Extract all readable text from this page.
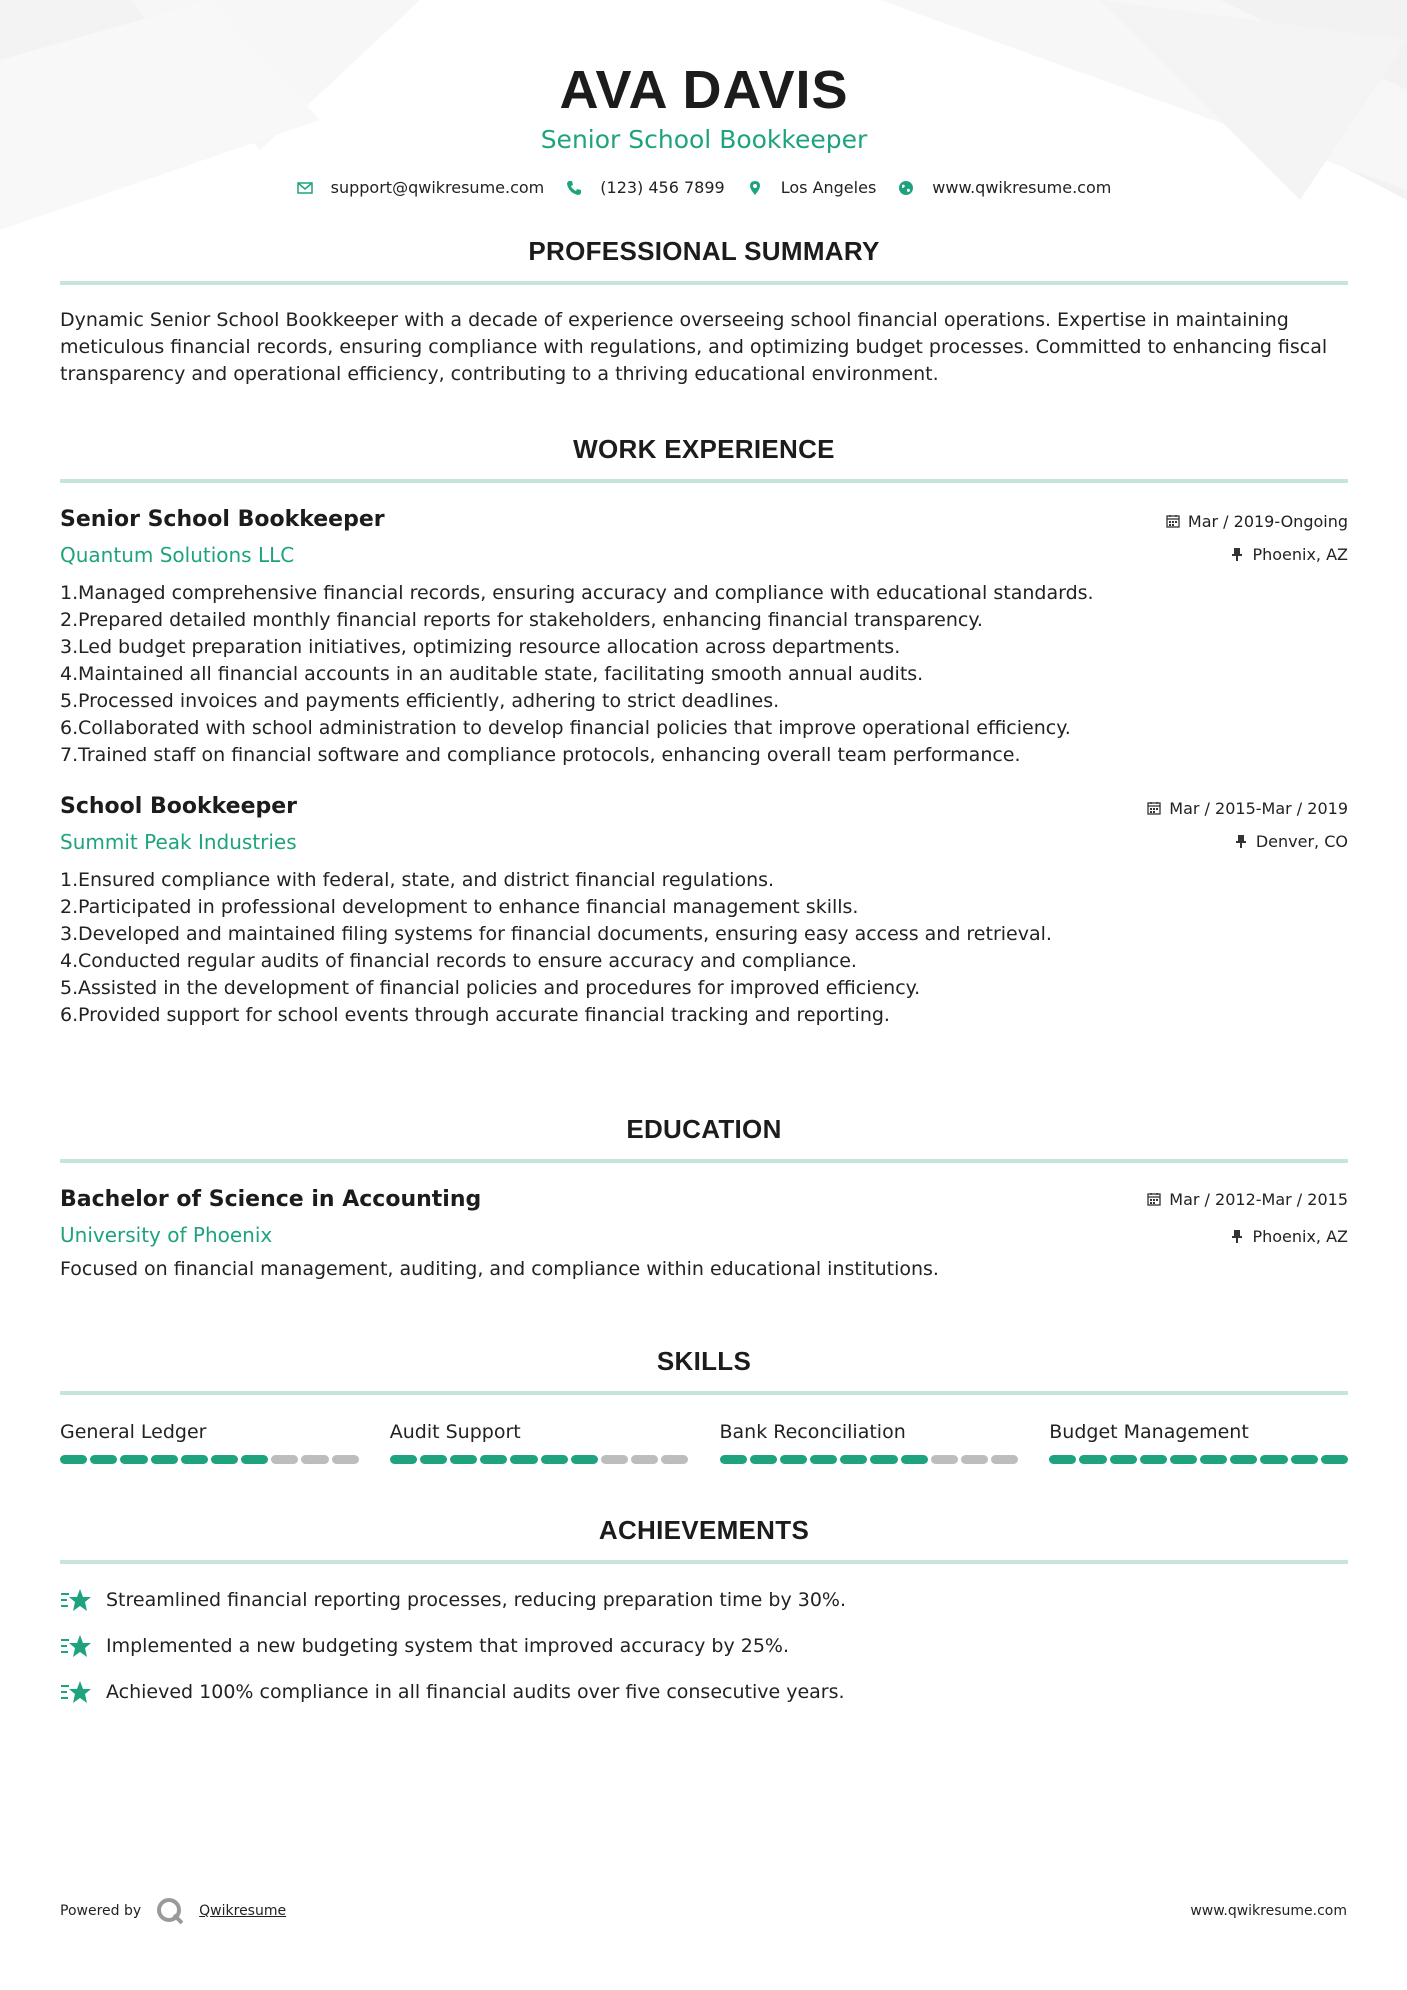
AVA DAVIS
Senior School Bookkeeper
support@qwikresume.com	(123) 456 7899	Los Angeles	www.qwikresume.com
PROFESSIONAL SUMMARY

Dynamic Senior School Bookkeeper with a decade of experience overseeing school financial operations. Expertise in maintaining meticulous financial records, ensuring compliance with regulations, and optimizing budget processes. Committed to enhancing fiscal transparency and operational efficiency, contributing to a thriving educational environment.

WORK EXPERIENCE
Senior School Bookkeeper
Quantum Solutions LLC
Mar / 2019-Ongoing
Phoenix, AZ
1. Managed comprehensive financial records, ensuring accuracy and compliance with educational standards.
2. Prepared detailed monthly financial reports for stakeholders, enhancing financial transparency.
3. Led budget preparation initiatives, optimizing resource allocation across departments.
4. Maintained all financial accounts in an auditable state, facilitating smooth annual audits.
5. Processed invoices and payments efficiently, adhering to strict deadlines.
6. Collaborated with school administration to develop financial policies that improve operational efficiency.
7. Trained staff on financial software and compliance protocols, enhancing overall team performance.
School Bookkeeper
Summit Peak Industries
Mar / 2015-Mar / 2019
Denver, CO
1. Ensured compliance with federal, state, and district financial regulations.
2. Participated in professional development to enhance financial management skills.
3. Developed and maintained filing systems for financial documents, ensuring easy access and retrieval.
4. Conducted regular audits of financial records to ensure accuracy and compliance.
5. Assisted in the development of financial policies and procedures for improved efficiency.
6. Provided support for school events through accurate financial tracking and reporting.
EDUCATION
Bachelor of Science in Accounting
University of Phoenix
Mar / 2012-Mar / 2015
Phoenix, AZ

Focused on financial management, auditing, and compliance within educational institutions.

SKILLS
General Ledger	Audit Support	Bank Reconciliation	Budget Management
ACHIEVEMENTS
Streamlined financial reporting processes, reducing preparation time by 30%.
Implemented a new budgeting system that improved accuracy by 25%.
Achieved 100% compliance in all financial audits over five consecutive years.
Powered by	Qwikresume	www.qwikresume.com
